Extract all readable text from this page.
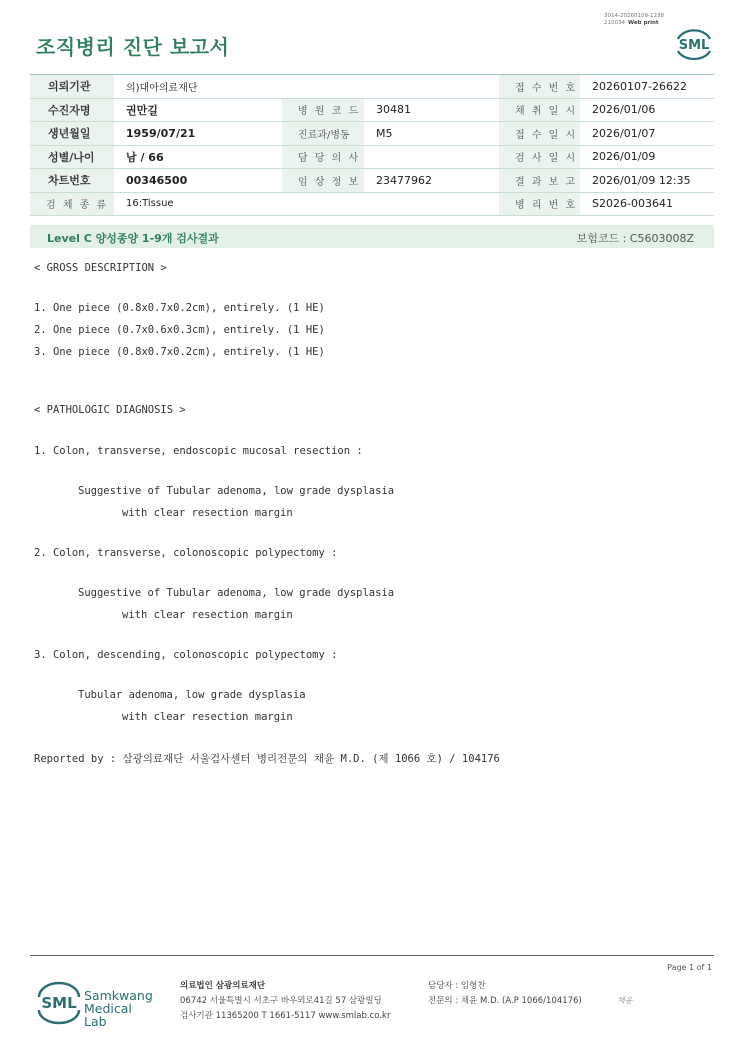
3014-20260109-1238
210034 Web print
조직병리 진단 보고서	SML
의뢰기관	의)대아의료재단			접 수 번 호	20260107-26622
수진자명	권만길	병 원 코 드	30481	채 취 일 시	2026/01/06
생년월일	1959/07/21	진료과/병동	M5	접 수 일 시	2026/01/07
성별/나이	남 / 66	담 당 의 사		검 사 일 시	2026/01/09
차트번호	00346500	임 상 정 보	23477962	결 과 보 고	2026/01/09 12:35
검 체 종 류	16:Tissue			병 리 번 호	S2026-003641
Level C 양성종양 1-9개 검사결과	보험코드 : C5603008Z
< GROSS DESCRIPTION >
1. One piece (0.8x0.7x0.2cm), entirely. (1 HE)
2. One piece (0.7x0.6x0.3cm), entirely. (1 HE)
3. One piece (0.8x0.7x0.2cm), entirely. (1 HE)
< PATHOLOGIC DIAGNOSIS >
1. Colon, transverse, endoscopic mucosal resection :
Suggestive of Tubular adenoma, low grade dysplasia
with clear resection margin
2. Colon, transverse, colonoscopic polypectomy :
Suggestive of Tubular adenoma, low grade dysplasia
with clear resection margin
3. Colon, descending, colonoscopic polypectomy :
Tubular adenoma, low grade dysplasia
with clear resection margin
Reported by : 삼광의료재단 서울검사센터 병리전문의 채윤 M.D. (제 1066 호) / 104176
Page 1 of 1
SML Samkwang
Medical Lab
의료법인 삼광의료재단
06742 서울특별시 서초구 바우뫼로41길 57 삼광빌딩
검사기관 11365200 T 1661-5117 www.smlab.co.kr
담당자 : 임형찬
전문의 : 채윤 M.D. (A.P 1066/104176)	채윤
